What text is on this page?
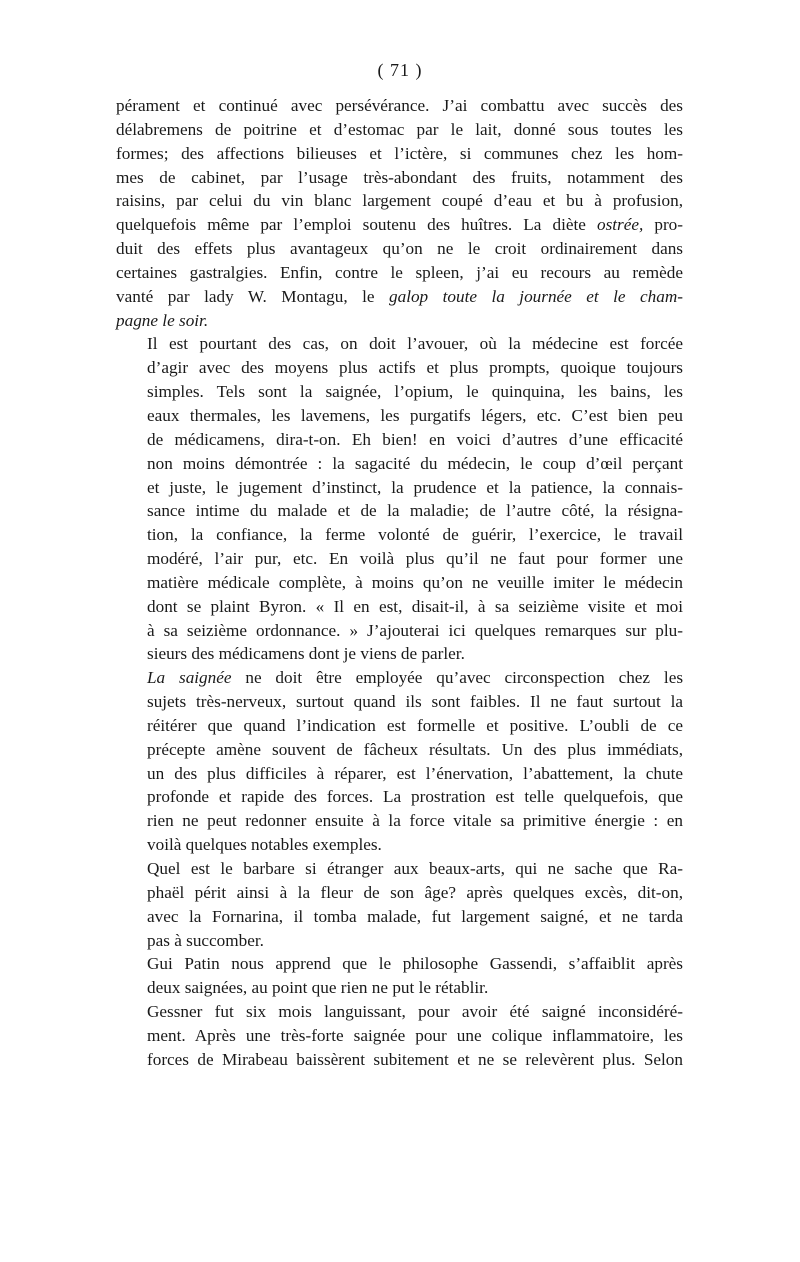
( 71 )

pérament et continué avec persévérance. J’ai combattu avec succès des
délabremens de poitrine et d’estomac par le lait, donné sous toutes les
formes; des affections bilieuses et l’ictère, si communes chez les hom-
mes de cabinet, par l’usage très-abondant des fruits, notamment des
raisins, par celui du vin blanc largement coupé d’eau et bu à profusion,
quelquefois même par l’emploi soutenu des huîtres. La diète ostrée, pro-
duit des effets plus avantageux qu’on ne le croit ordinairement dans
certaines gastralgies. Enfin, contre le spleen, j’ai eu recours au remède
vanté par lady W. Montagu, le galop toute la journée et le cham-
pagne le soir.

Il est pourtant des cas, on doit l’avouer, où la médecine est forcée
d’agir avec des moyens plus actifs et plus prompts, quoique toujours
simples. Tels sont la saignée, l’opium, le quinquina, les bains, les
eaux thermales, les lavemens, les purgatifs légers, etc. C’est bien peu
de médicamens, dira-t-on. Eh bien! en voici d’autres d’une efficacité
non moins démontrée : la sagacité du médecin, le coup d’œil perçant
et juste, le jugement d’instinct, la prudence et la patience, la connais-
sance intime du malade et de la maladie; de l’autre côté, la résigna-
tion, la confiance, la ferme volonté de guérir, l’exercice, le travail
modéré, l’air pur, etc. En voilà plus qu’il ne faut pour former une
matière médicale complète, à moins qu’on ne veuille imiter le médecin
dont se plaint Byron. « Il en est, disait-il, à sa seizième visite et moi
à sa seizième ordonnance. » J’ajouterai ici quelques remarques sur plu-
sieurs des médicamens dont je viens de parler.

La saignée ne doit être employée qu’avec circonspection chez les
sujets très-nerveux, surtout quand ils sont faibles. Il ne faut surtout la
réitérer que quand l’indication est formelle et positive. L’oubli de ce
précepte amène souvent de fâcheux résultats. Un des plus immédiats,
un des plus difficiles à réparer, est l’énervation, l’abattement, la chute
profonde et rapide des forces. La prostration est telle quelquefois, que
rien ne peut redonner ensuite à la force vitale sa primitive énergie : en
voilà quelques notables exemples.

Quel est le barbare si étranger aux beaux-arts, qui ne sache que Ra-
phaël périt ainsi à la fleur de son âge? après quelques excès, dit-on,
avec la Fornarina, il tomba malade, fut largement saigné, et ne tarda
pas à succomber.

Gui Patin nous apprend que le philosophe Gassendi, s’affaiblit après
deux saignées, au point que rien ne put le rétablir.

Gessner fut six mois languissant, pour avoir été saigné inconsidéré-
ment. Après une très-forte saignée pour une colique inflammatoire, les
forces de Mirabeau baissèrent subitement et ne se relevèrent plus. Selon
